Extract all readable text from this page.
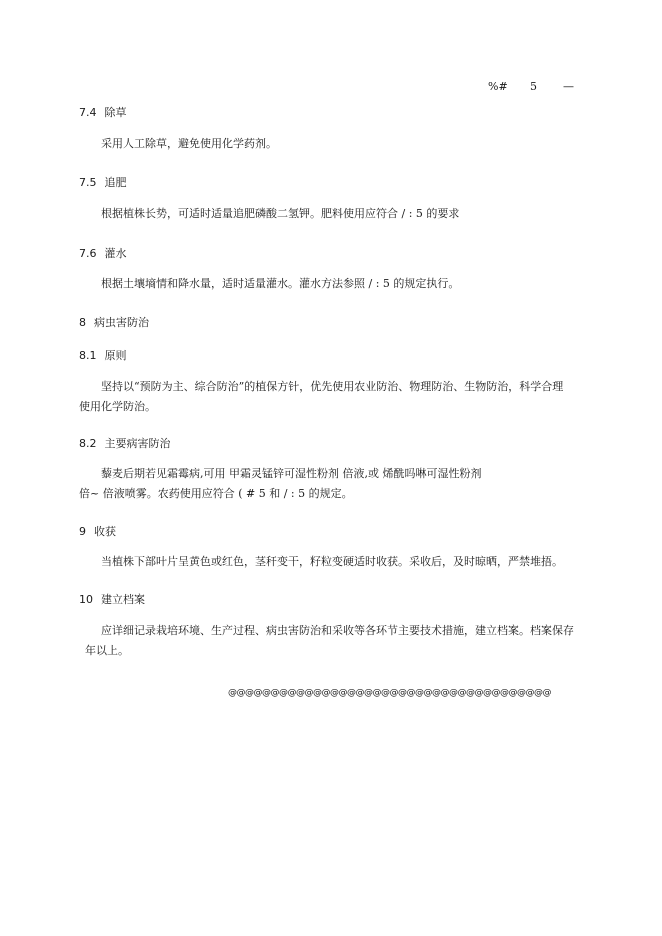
%# 5 —
7.4 除草
采用人工除草，避免使用化学药剂。
7.5 追肥
根据植株长势，可适时适量追肥磷酸二氢钾。肥料使用应符合 / : 5 的要求
7.6 灌水
根据土壤墒情和降水量，适时适量灌水。灌水方法参照 / : 5 的规定执行。
8 病虫害防治
8.1 原则
坚持以“预防为主、综合防治”的植保方针，优先使用农业防治、物理防治、生物防治，科学合理
使用化学防治。
8.2 主要病害防治
藜麦后期若见霜霉病,可用 甲霜灵锰锌可湿性粉剂 倍液,或 烯酰吗啉可湿性粉剂
倍~ 倍液喷雾。农药使用应符合 ( # 5 和 / : 5 的规定。
9 收获
当植株下部叶片呈黄色或红色，茎秆变干，籽粒变硬适时收获。采收后，及时晾晒，严禁堆捂。
10 建立档案
应详细记录栽培环境、生产过程、病虫害防治和采收等各环节主要技术措施，建立档案。档案保存
年以上。
@@@@@@@@@@@@@@@@@@@@@@@@@@@@@@@@@@@@@@
